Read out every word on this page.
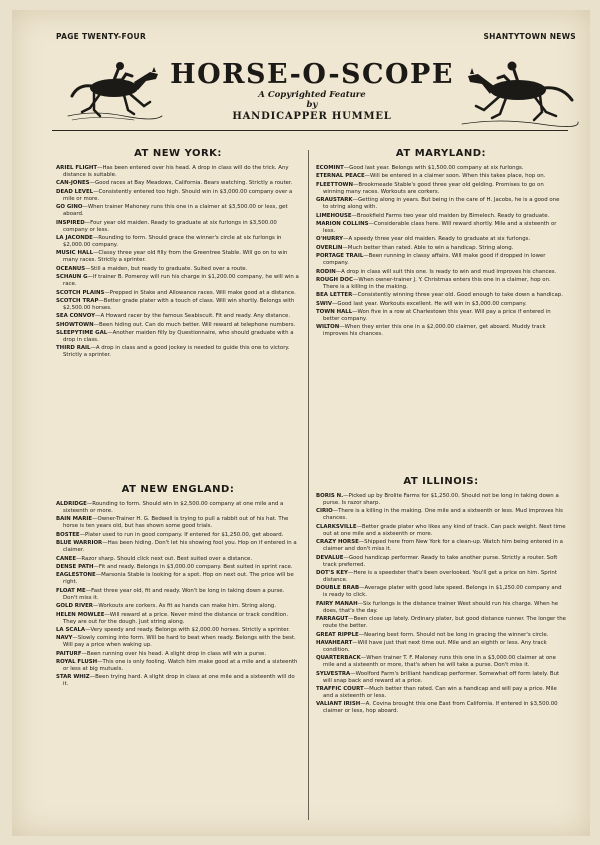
PAGE TWENTY-FOUR	SHANTYTOWN NEWS
HORSE-O-SCOPE
A Copyrighted Feature
by
HANDICAPPER HUMMEL
AT NEW YORK:
ARIEL FLIGHT—Has been entered over his head. A drop in class will do the trick. Any distance is suitable.
CAN-JONES—Good races at Bay Meadows, California. Bears watching. Strictly a router.
DEAD LEVEL—Consistently entered too high. Should win in $3,000.00 company over a mile or more.
GO GINO—When trainer Mahoney runs this one in a claimer at $3,500.00 or less, get aboard.
INSPIRED—Four year old maiden. Ready to graduate at six furlongs in $3,500.00 company or less.
LA JACONDE—Rounding to form. Should grace the winner's circle at six furlongs in $2,000.00 company.
MUSIC HALL—Classy three year old filly from the Greentree Stable. Will go on to win many races. Strictly a sprinter.
OCEANUS—Still a maiden, but ready to graduate. Suited over a route.
SCHAUN G—If trainer B. Pomeroy will run his charge in $1,200.00 company, he will win a race.
SCOTCH PLAINS—Prepped in Stake and Allowance races. Will make good at a distance.
SCOTCH TRAP—Better grade plater with a touch of class. Will win shortly. Belongs with $2,500.00 horses.
SEA CONVOY—A Howard racer by the famous Seabiscuit. Fit and ready. Any distance.
SHOWTOWN—Been hiding out. Can do much better. Will reward at telephone numbers.
SLEEPYTIME GAL—Another maiden filly by Questionnaire, who should graduate with a drop in class.
THIRD RAIL—A drop in class and a good jockey is needed to guide this one to victory. Strictly a sprinter.
AT NEW ENGLAND:
ALDRIDGE—Rounding to form. Should win in $2,500.00 company at one mile and a sixteenth or more.
BAIN MARIE—Owner-Trainer H. G. Bedwell is trying to pull a rabbit out of his hat. The horse is ten years old, but has shown some good trials.
BOSTEE—Plater used to run in good company. If entered for $1,250.00, get aboard.
BLUE WARRIOR—Has been hiding. Don't let his showing fool you. Hop on if entered in a claimer.
CANEE—Razor sharp. Should click next out. Best suited over a distance.
DENSE PATH—Fit and ready. Belongs in $3,000.00 company. Best suited in sprint race.
EAGLESTONE—Marsonia Stable is looking for a spot. Hop on next out. The price will be right.
FLOAT ME—Fast three year old, fit and ready. Won't be long in taking down a purse. Don't miss it.
GOLD RIVER—Workouts are corkers. As fit as hands can make him. String along.
HELEN MOWLEE—Will reward at a price. Never mind the distance or track condition. They are out for the dough. Just string along.
LA SCALA—Very speedy and ready. Belongs with $2,000.00 horses. Strictly a sprinter.
NAVY—Slowly coming into form. Will be hard to beat when ready. Belongs with the best. Will pay a price when waking up.
PAITURF—Been running over his head. A slight drop in class will win a purse.
ROYAL FLUSH—This one is only fooling. Watch him make good at a mile and a sixteenth or less at big mutuels.
STAR WHIZ—Been trying hard. A slight drop in class at one mile and a sixteenth will do it.
AT MARYLAND:
ECOMINT—Good last year. Belongs with $1,500.00 company at six furlongs.
ETERNAL PEACE—Will be entered in a claimer soon. When this takes place, hop on.
FLEETTOWN—Brookmeade Stable's good three year old gelding. Promises to go on winning many races. Workouts are corkers.
GRAUSTARK—Getting along in years. But being in the care of H. Jacobs, he is a good one to string along with.
LIMEHOUSE—Brookfield Farms two year old maiden by Bimelech. Ready to graduate.
MARION COLLINS—Considerable class here. Will reward shortly. Mile and a sixteenth or less.
O'HURRY—A speedy three year old maiden. Ready to graduate at six furlongs.
OVERLIN—Much better than rated. Able to win a handicap. String along.
PORTAGE TRAIL—Been running in classy affairs. Will make good if dropped in lower company.
RODIN—A drop in class will suit this one. Is ready to win and mud improves his chances.
ROUGH DOC—When owner-trainer J. Y. Christmas enters this one in a claimer, hop on. There is a killing in the making.
BEA LETTER—Consistently winning three year old. Good enough to take down a handicap.
SWIV—Good last year. Workouts excellent. He will win in $3,000.00 company.
TOWN HALL—Won five in a row at Charlestown this year. Will pay a price if entered in better company.
WILTON—When they enter this one in a $2,000.00 claimer, get aboard. Muddy track improves his chances.
AT ILLINOIS:
BORIS N.—Picked up by Brolite Farms for $1,250.00. Should not be long in taking down a purse. Is razor sharp.
CIRIO—There is a killing in the making. One mile and a sixteenth or less. Mud improves his chances.
CLARKSVILLE—Better grade plater who likes any kind of track. Can pack weight. Next time out at one mile and a sixteenth or more.
CRAZY HORSE—Shipped here from New York for a clean-up. Watch him being entered in a claimer and don't miss it.
DEVALUE—Good handicap performer. Ready to take another purse. Strictly a router. Soft track preferred.
DOT'S KEY—Here is a speedster that's been overlooked. You'll get a price on him. Sprint distance.
DOUBLE BRAB—Average plater with good late speed. Belongs in $1,250.00 company and is ready to click.
FAIRY MANAH—Six furlongs is the distance trainer West should run his charge. When he does, that's the day.
FARRAGUT—Been close up lately. Ordinary plater, but good distance runner. The longer the route the better.
GREAT RIPPLE—Nearing best form. Should not be long in gracing the winner's circle.
HAVAHEART—Will have just that next time out. Mile and an eighth or less. Any track condition.
QUARTERBACK—When trainer T. F. Maloney runs this one in a $3,000.00 claimer at one mile and a sixteenth or more, that's when he will take a purse. Don't miss it.
SYLVESTRA—Woolford Farm's brilliant handicap performer. Somewhat off form lately. But will snap back and reward at a price.
TRAFFIC COURT—Much better than rated. Can win a handicap and will pay a price. Mile and a sixteenth or less.
VALIANT IRISH—A. Covina brought this one East from California. If entered in $3,500.00 claimer or less, hop aboard.
